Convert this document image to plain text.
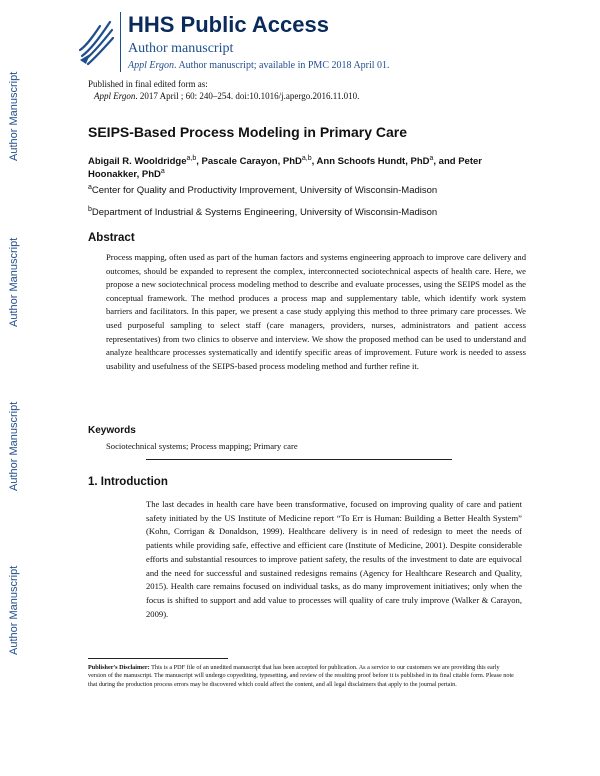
Author Manuscript
Author Manuscript
Author Manuscript
Author Manuscript
HHS Public Access
Author manuscript
Appl Ergon. Author manuscript; available in PMC 2018 April 01.
Published in final edited form as:
Appl Ergon. 2017 April ; 60: 240–254. doi:10.1016/j.apergo.2016.11.010.
SEIPS-Based Process Modeling in Primary Care
Abigail R. Wooldridge$^{a,b}$, Pascale Carayon, PhD$^{a,b}$, Ann Schoofs Hundt, PhD$^a$, and Peter Hoonakker, PhD$^a$
$^a$Center for Quality and Productivity Improvement, University of Wisconsin-Madison
$^b$Department of Industrial & Systems Engineering, University of Wisconsin-Madison
Abstract
Process mapping, often used as part of the human factors and systems engineering approach to improve care delivery and outcomes, should be expanded to represent the complex, interconnected sociotechnical aspects of health care. Here, we propose a new sociotechnical process modeling method to describe and evaluate processes, using the SEIPS model as the conceptual framework. The method produces a process map and supplementary table, which identify work system barriers and facilitators. In this paper, we present a case study applying this method to three primary care processes. We used purposeful sampling to select staff (care managers, providers, nurses, administrators and patient access representatives) from two clinics to observe and interview. We show the proposed method can be used to understand and analyze healthcare processes systematically and identify specific areas of improvement. Future work is needed to assess usability and usefulness of the SEIPS-based process modeling method and further refine it.
Keywords
Sociotechnical systems; Process mapping; Primary care
1. Introduction
The last decades in health care have been transformative, focused on improving quality of care and patient safety initiated by the US Institute of Medicine report “To Err is Human: Building a Better Health System” (Kohn, Corrigan & Donaldson, 1999). Healthcare delivery is in need of redesign to meet the needs of patients while providing safe, effective and efficient care (Institute of Medicine, 2001). Despite considerable efforts and substantial resources to improve patient safety, the results of the investment to date are equivocal and the need for successful and sustained redesigns remains (Agency for Healthcare Research and Quality, 2015). Health care remains focused on individual tasks, as do many improvement initiatives; only when the focus is shifted to support and add value to processes will quality of care truly improve (Walker & Carayon, 2009).
Publisher's Disclaimer: This is a PDF file of an unedited manuscript that has been accepted for publication. As a service to our customers we are providing this early version of the manuscript. The manuscript will undergo copyediting, typesetting, and review of the resulting proof before it is published in its final citable form. Please note that during the production process errors may be discovered which could affect the content, and all legal disclaimers that apply to the journal pertain.
